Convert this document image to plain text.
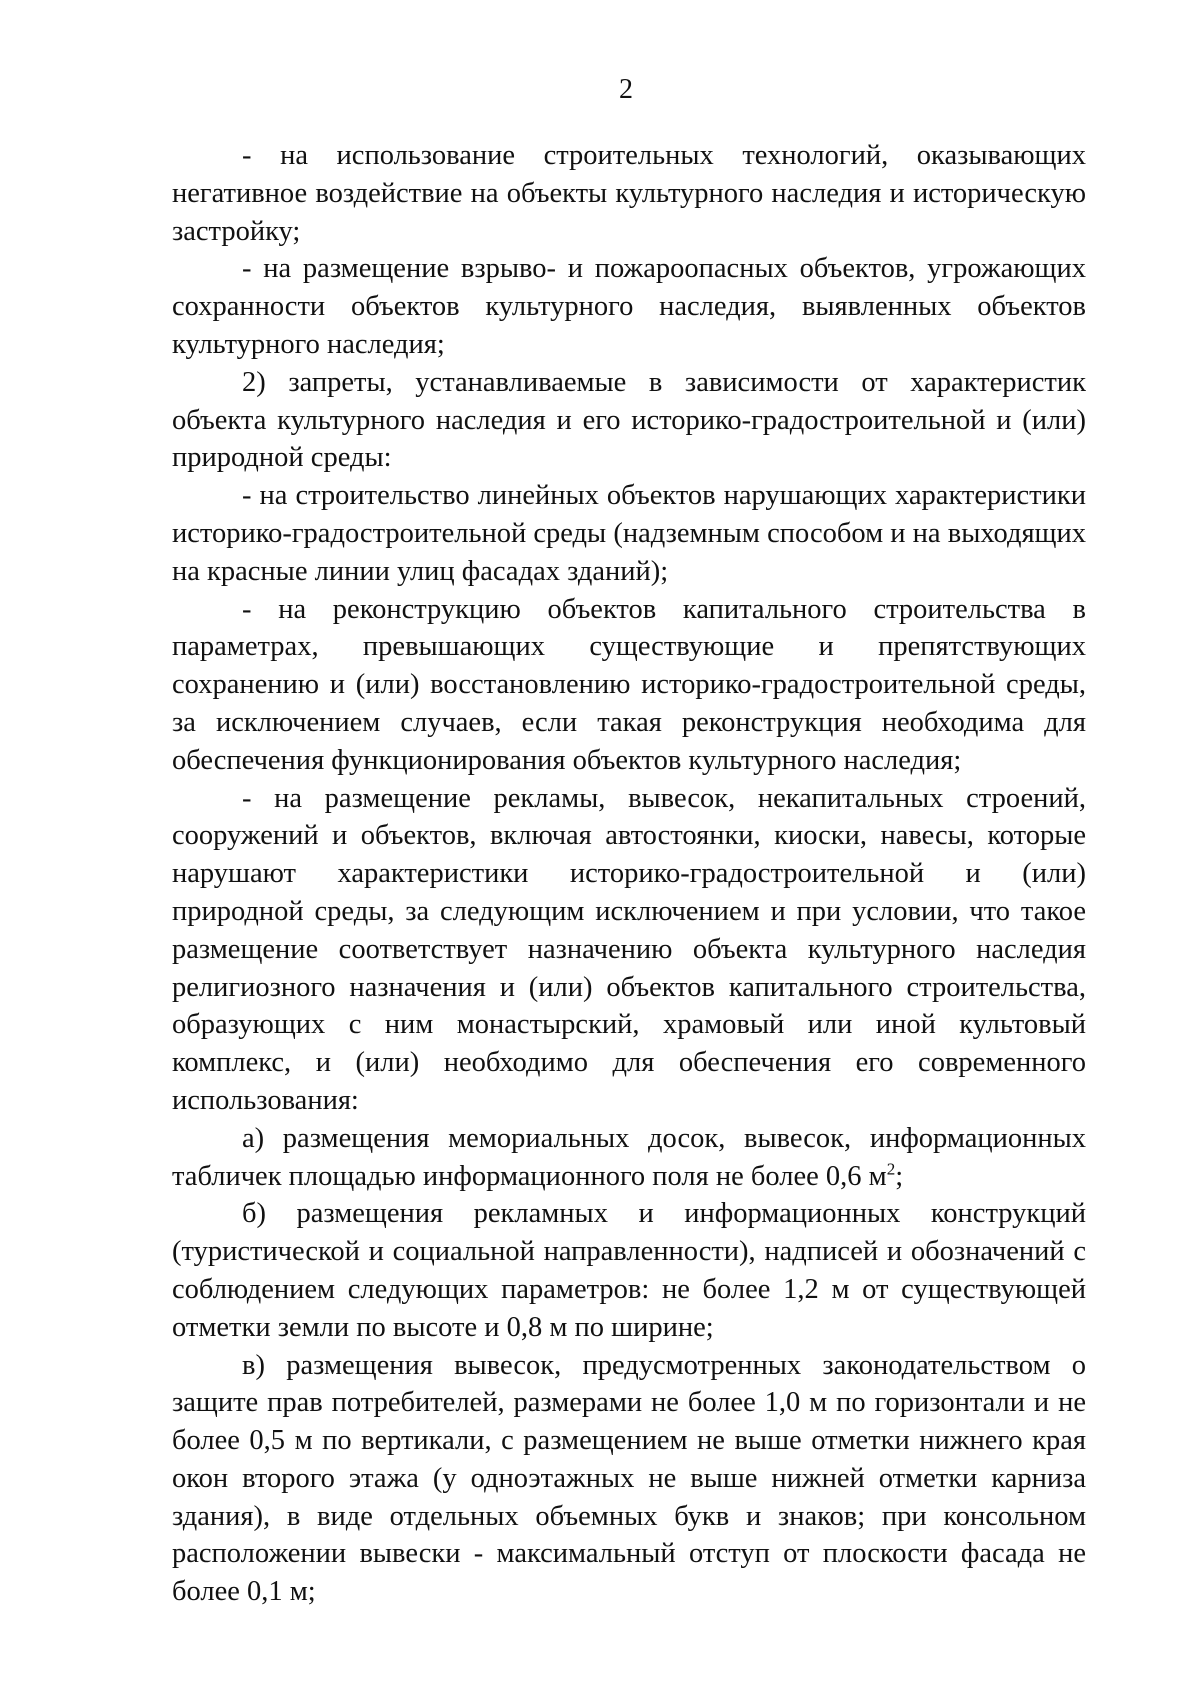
2

- на использование строительных технологий, оказывающих негативное воздействие на объекты культурного наследия и историческую застройку;

- на размещение взрыво- и пожароопасных объектов, угрожающих сохранности объектов культурного наследия, выявленных объектов культурного наследия;

2) запреты, устанавливаемые в зависимости от характеристик объекта культурного наследия и его историко-градостроительной и (или) природной среды:

- на строительство линейных объектов нарушающих характеристики историко-градостроительной среды (надземным способом и на выходящих на красные линии улиц фасадах зданий);

- на реконструкцию объектов капитального строительства в параметрах, превышающих существующие и препятствующих сохранению и (или) восстановлению историко-градостроительной среды, за исключением случаев, если такая реконструкция необходима для обеспечения функционирования объектов культурного наследия;

- на размещение рекламы, вывесок, некапитальных строений, сооружений и объектов, включая автостоянки, киоски, навесы, которые нарушают характеристики историко-градостроительной и (или) природной среды, за следующим исключением и при условии, что такое размещение соответствует назначению объекта культурного наследия религиозного назначения и (или) объектов капитального строительства, образующих с ним монастырский, храмовый или иной культовый комплекс, и (или) необходимо для обеспечения его современного использования:

а) размещения мемориальных досок, вывесок, информационных табличек площадью информационного поля не более 0,6 $м^2$;

б) размещения рекламных и информационных конструкций (туристической и социальной направленности), надписей и обозначений с соблюдением следующих параметров: не более 1,2 м от существующей отметки земли по высоте и 0,8 м по ширине;

в) размещения вывесок, предусмотренных законодательством о защите прав потребителей, размерами не более 1,0 м по горизонтали и не более 0,5 м по вертикали, с размещением не выше отметки нижнего края окон второго этажа (у одноэтажных не выше нижней отметки карниза здания), в виде отдельных объемных букв и знаков; при консольном расположении вывески - максимальный отступ от плоскости фасада не более 0,1 м;
